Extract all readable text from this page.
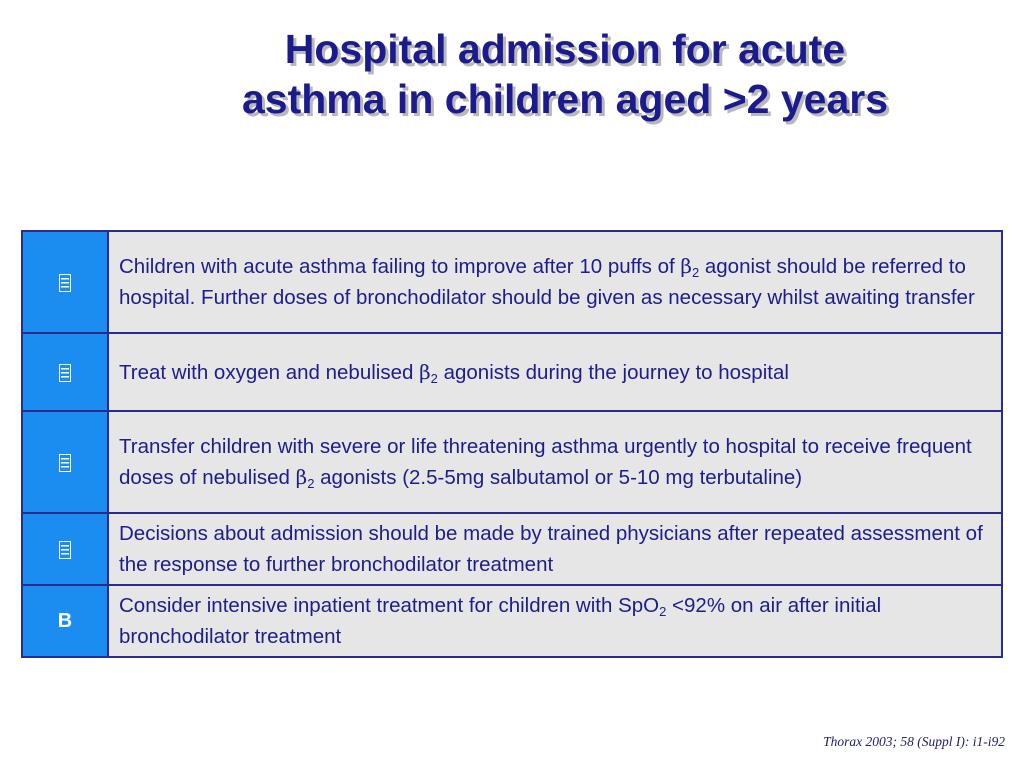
Hospital admission for acute
asthma in children aged >2 years
	Children with acute asthma failing to improve after 10 puffs of $\beta_2$ agonist should be referred to hospital. Further doses of bronchodilator should be given as necessary whilst awaiting transfer
	Treat with oxygen and nebulised $\beta_2$ agonists during the journey to hospital
	Transfer children with severe or life threatening asthma urgently to hospital to receive frequent doses of nebulised $\beta_2$ agonists (2.5-5mg salbutamol or 5-10 mg terbutaline)
	Decisions about admission should be made by trained physicians after repeated assessment of the response to further bronchodilator treatment
B	Consider intensive inpatient treatment for children with SpO$_2$ <92% on air after initial bronchodilator treatment
Thorax 2003; 58 (Suppl I): i1-i92
